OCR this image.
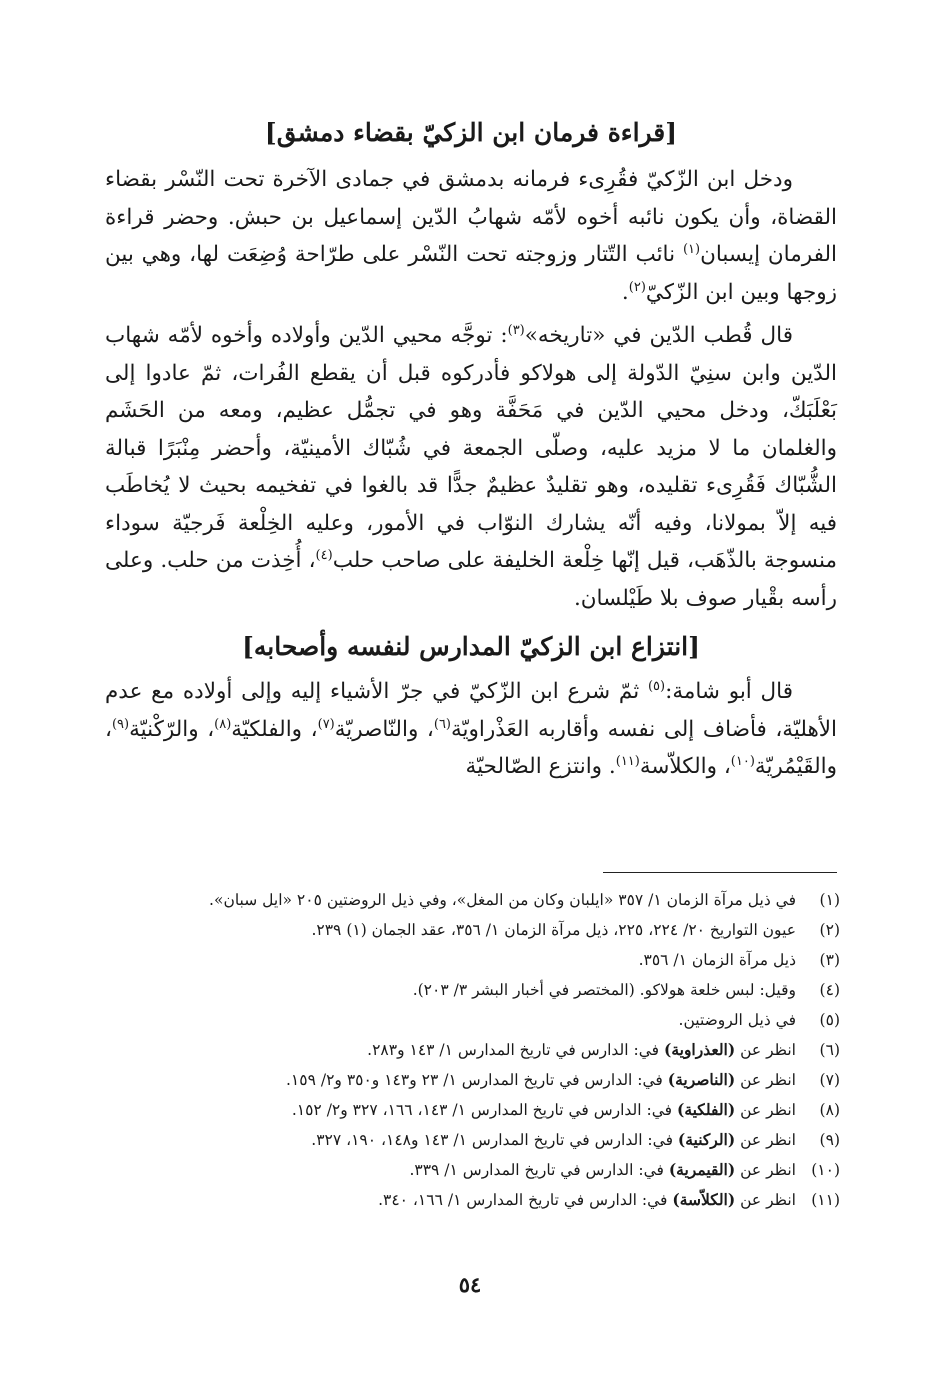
[قراءة فرمان ابن الزكيّ بقضاء دمشق]

ودخل ابن الزّكيّ فقُرِىء فرمانه بدمشق في جمادى الآخرة تحت النّسْر بقضاء القضاة، وأن يكون نائبه أخوه لأمّه شهابُ الدّين إسماعيل بن حبش. وحضر قراءة الفرمان إيسبان$^{(١)}$ نائب التّتار وزوجته تحت النّسْر على طرّاحة وُضِعَت لها، وهي بين زوجها وبين ابن الزّكيّ$^{(٢)}$.

قال قُطب الدّين في «تاريخه»$^{(٣)}$: توجَّه محيي الدّين وأولاده وأخوه لأمّه شهاب الدّين وابن سنِيّ الدّولة إلى هولاكو فأدركوه قبل أن يقطع الفُرات، ثمّ عادوا إلى بَعْلَبَكّ، ودخل محيي الدّين في مَحَفَّة وهو في تجمُّل عظيم، ومعه من الحَشَم والغلمان ما لا مزيد عليه، وصلّى الجمعة في شُبّاك الأمينيّة، وأحضر مِنْبَرًا قبالة الشُّبّاك فَقُرِىء تقليده، وهو تقليدٌ عظيمٌ جدًّا قد بالغوا في تفخيمه بحيث لا يُخاطَب فيه إلاّ بمولانا، وفيه أنّه يشارك النوّاب في الأمور، وعليه الخِلْعة فَرجيّة سوداء منسوجة بالذّهَب، قيل إنّها خِلْعة الخليفة على صاحب حلب$^{(٤)}$، أُخِذت من حلب. وعلى رأسه بقْيار صوف بلا طَيْلسان.

[انتزاع ابن الزكيّ المدارس لنفسه وأصحابه]

قال أبو شامة:$^{(٥)}$ ثمّ شرع ابن الزّكيّ في جرّ الأشياء إليه وإلى أولاده مع عدم الأهليّة، فأضاف إلى نفسه وأقاربه العَذْراويّة$^{(٦)}$، والنّاصريّة$^{(٧)}$، والفلكيّة$^{(٨)}$، والرّكْنيّة$^{(٩)}$، والقَيْمُريّة$^{(١٠)}$، والكلاّسة$^{(١١)}$. وانتزع الصّالحيّة

(١)
في ذيل مرآة الزمان ١/ ٣٥٧ «ايلبان وكان من المغل»، وفي ذيل الروضتين ٢٠٥ «ايل سبان».
(٢)
عيون التواريخ ٢٠/ ٢٢٤، ٢٢٥، ذيل مرآة الزمان ١/ ٣٥٦، عقد الجمان (١) ٢٣٩.
(٣)
ذيل مرآة الزمان ١/ ٣٥٦.
(٤)
وقيل: لبس خلعة هولاكو. (المختصر في أخبار البشر ٣/ ٢٠٣).
(٥)
في ذيل الروضتين.
(٦)
انظر عن (العذراوية) في: الدارس في تاريخ المدارس ١/ ١٤٣ و٢٨٣.
(٧)
انظر عن (الناصرية) في: الدارس في تاريخ المدارس ١/ ٢٣ و١٤٣ و٣٥٠ و٢/ ١٥٩.
(٨)
انظر عن (الفلكية) في: الدارس في تاريخ المدارس ١/ ١٤٣، ١٦٦، ٣٢٧ و٢/ ١٥٢.
(٩)
انظر عن (الركنية) في: الدارس في تاريخ المدارس ١/ ١٤٣ و١٤٨، ١٩٠، ٣٢٧.
(١٠)
انظر عن (القيمرية) في: الدارس في تاريخ المدارس ١/ ٣٣٩.
(١١)
انظر عن (الكلاّسة) في: الدارس في تاريخ المدارس ١/ ١٦٦، ٣٤٠.
٥٤
